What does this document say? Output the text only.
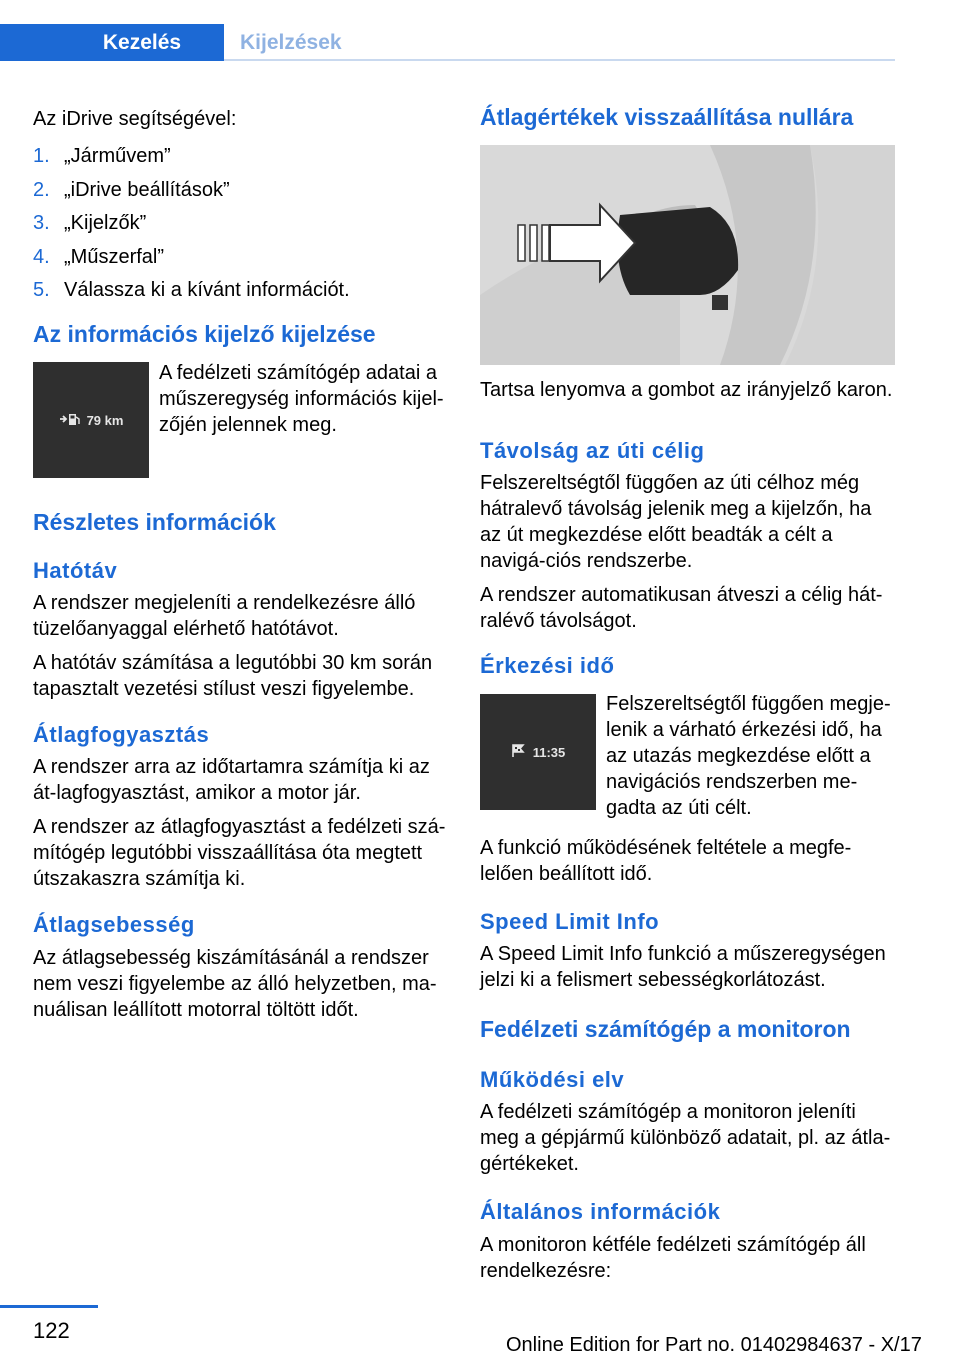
Kezelés	Kijelzések

Az iDrive segítségével:

1. „Járművem”
2. „iDrive beállítások”
3. „Kijelzők”
4. „Műszerfal”
5. Válassza ki a kívánt információt.
Az információs kijelző kijelzése
79 km

A fedélzeti számítógép adatai a műszeregység információs kijel-zőjén jelennek meg.

Részletes információk
Hatótáv

A rendszer megjeleníti a rendelkezésre álló tüzelőanyaggal elérhető hatótávot.

A hatótáv számítása a legutóbbi 30 km során tapasztalt vezetési stílust veszi figyelembe.

Átlagfogyasztás

A rendszer arra az időtartamra számítja ki az át-lagfogyasztást, amikor a motor jár.

A rendszer az átlagfogyasztást a fedélzeti szá-mítógép legutóbbi visszaállítása óta megtett útszakaszra számítja ki.

Átlagsebesség

Az átlagsebesség kiszámításánál a rendszer nem veszi figyelembe az álló helyzetben, ma-nuálisan leállított motorral töltött időt.

Átlagértékek visszaállítása nullára

Tartsa lenyomva a gombot az irányjelző karon.

Távolság az úti célig

Felszereltségtől függően az úti célhoz még hátralevő távolság jelenik meg a kijelzőn, ha az út megkezdése előtt beadták a célt a navigá-ciós rendszerbe.

A rendszer automatikusan átveszi a célig hát-ralévő távolságot.

Érkezési idő
11:35

Felszereltségtől függően megje-lenik a várható érkezési idő, ha az utazás megkezdése előtt a navigációs rendszerben me-gadta az úti célt.

A funkció működésének feltétele a megfe-lelően beállított idő.

Speed Limit Info

A Speed Limit Info funkció a műszeregységen jelzi ki a felismert sebességkorlátozást.

Fedélzeti számítógép a monitoron
Működési elv

A fedélzeti számítógép a monitoron jeleníti meg a gépjármű különböző adatait, pl. az átla-gértékeket.

Általános információk

A monitoron kétféle fedélzeti számítógép áll rendelkezésre:

122
Online Edition for Part no. 01402984637 - X/17
